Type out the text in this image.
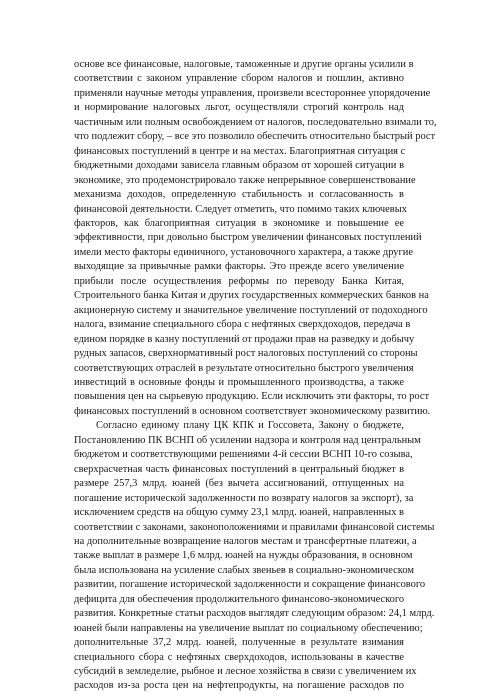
основе все финансовые, налоговые, таможенные и другие органы усилили в
соответствии с законом управление сбором налогов и пошлин, активно
применяли научные методы управления, произвели всестороннее упорядочение
и нормирование налоговых льгот, осуществляли строгий контроль над
частичным или полным освобождением от налогов, последовательно взимали то,
что подлежит сбору, – все это позволило обеспечить относительно быстрый рост
финансовых поступлений в центре и на местах. Благоприятная ситуация с
бюджетными доходами зависела главным образом от хорошей ситуации в
экономике, это продемонстрировало также непрерывное совершенствование
механизма доходов, определенную стабильность и согласованность в
финансовой деятельности. Следует отметить, что помимо таких ключевых
факторов, как благоприятная ситуация в экономике и повышение ее
эффективности, при довольно быстром увеличении финансовых поступлений
имели место факторы единичного, установочного характера, а также другие
выходящие за привычные рамки факторы. Это прежде всего увеличение
прибыли после осуществления реформы по переводу Банка Китая,
Строительного банка Китая и других государственных коммерческих банков на
акционерную систему и значительное увеличение поступлений от подоходного
налога, взимание специального сбора с нефтяных сверхдоходов, передача в
едином порядке в казну поступлений от продажи прав на разведку и добычу
рудных запасов, сверхнормативный рост налоговых поступлений со стороны
соответствующих отраслей в результате относительно быстрого увеличения
инвестиций в основные фонды и промышленного производства, а также
повышения цен на сырьевую продукцию. Если исключить эти факторы, то рост
финансовых поступлений в основном соответствует экономическому развитию.
Согласно единому плану ЦК КПК и Госсовета, Закону о бюджете,
Постановлению ПК ВСНП об усилении надзора и контроля над центральным
бюджетом и соответствующими решениями 4-й сессии ВСНП 10-го созыва,
сверхрасчетная часть финансовых поступлений в центральный бюджет в
размере 257,3 млрд. юаней (без вычета ассигнований, отпущенных на
погашение исторической задолженности по возврату налогов за экспорт), за
исключением средств на общую сумму 23,1 млрд. юаней, направленных в
соответствии с законами, законоположениями и правилами финансовой системы
на дополнительные возвращение налогов местам и трансфертные платежи, а
также выплат в размере 1,6 млрд. юаней на нужды образования, в основном
была использована на усиление слабых звеньев в социально-экономическом
развитии, погашение исторической задолженности и сокращение финансового
дефицита для обеспечения продолжительного финансово-экономического
развития. Конкретные статьи расходов выглядят следующим образом: 24,1 млрд.
юаней были направлены на увеличение выплат по социальному обеспечению;
дополнительные 37,2 млрд. юаней, полученные в результате взимания
специального сбора с нефтяных сверхдоходов, использованы в качестве
субсидий в земледелие, рыбное и лесное хозяйства в связи с увеличением их
расходов из-за роста цен на нефтепродукты, на погашение расходов по
